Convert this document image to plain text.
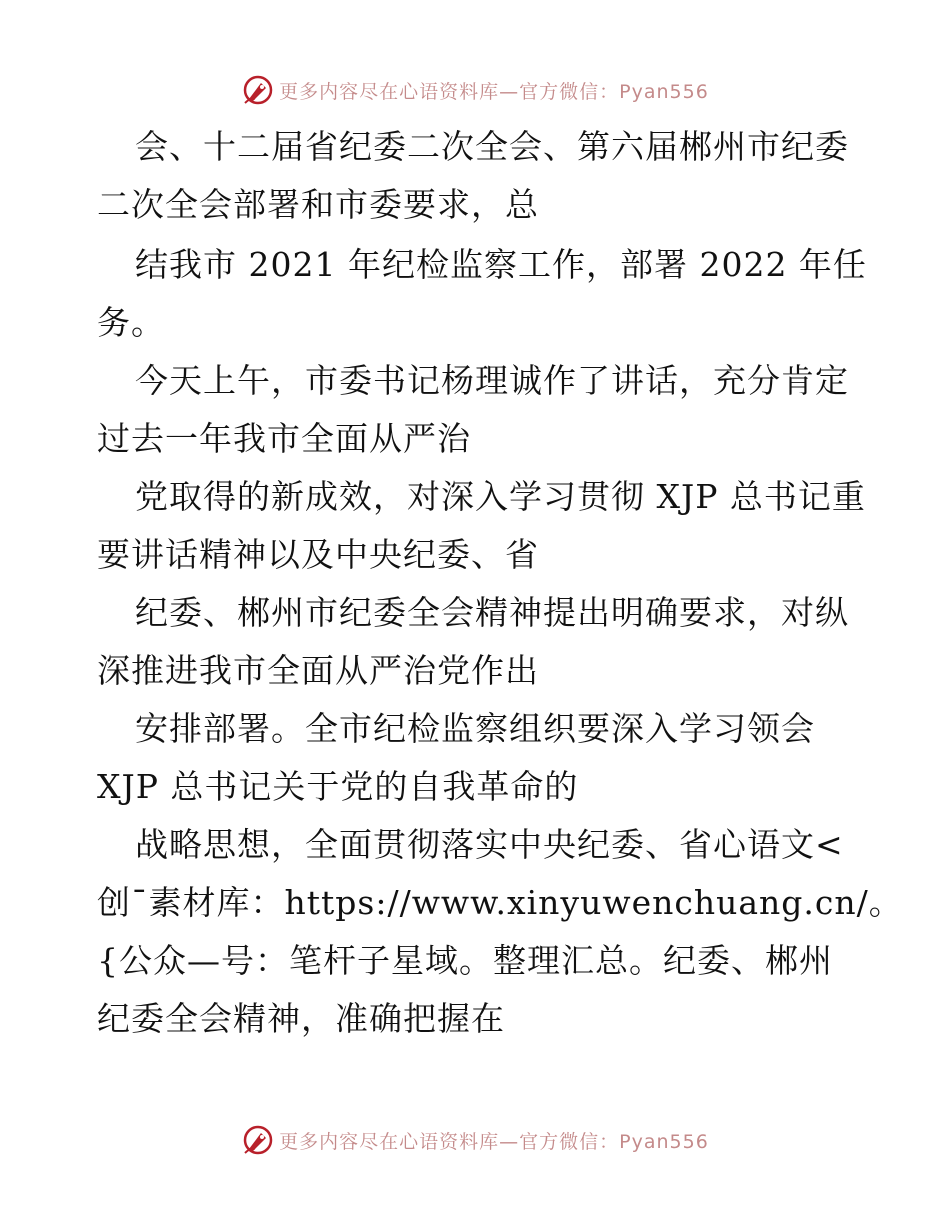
更多内容尽在心语资料库—官方微信：Pyan556
会、十二届省纪委二次全会、第六届郴州市纪委
二次全会部署和市委要求，总
结我市 2021 年纪检监察工作，部署 2022 年任
务。
今天上午，市委书记杨理诚作了讲话，充分肯定
过去一年我市全面从严治
党取得的新成效，对深入学习贯彻 XJP 总书记重
要讲话精神以及中央纪委、省
纪委、郴州市纪委全会精神提出明确要求，对纵
深推进我市全面从严治党作出
安排部署。全市纪检监察组织要深入学习领会
XJP 总书记关于党的自我革命的
战略思想，全面贯彻落实中央纪委、省心语文<
创¯素材库：https://www.xinyuwenchuang.cn/。
{公众—号：笔杆子星域。整理汇总。纪委、郴州
纪委全会精神，准确把握在
更多内容尽在心语资料库—官方微信：Pyan556
